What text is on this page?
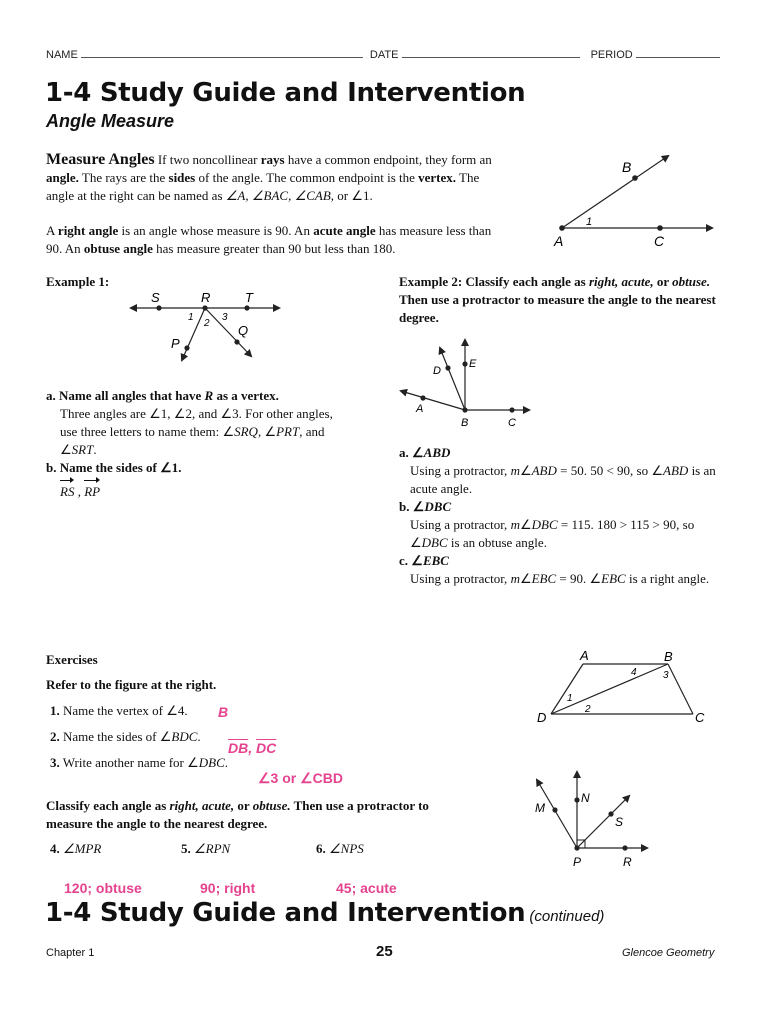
NAME	DATE	PERIOD
1-4 Study Guide and Intervention
Angle Measure
Measure Angles If two noncollinear rays have a common endpoint, they form an angle. The rays are the sides of the angle. The common endpoint is the vertex. The angle at the right can be named as ∠A, ∠BAC, ∠CAB, or ∠1.
A right angle is an angle whose measure is 90. An acute angle has measure less than 90. An obtuse angle has measure greater than 90 but less than 180.
B
A	C
1
Example 1:
S	R	T
Q
P
1
2
3
a. Name all angles that have R as a vertex.
Three angles are ∠1, ∠2, and ∠3. For other angles,
use three letters to name them: ∠SRQ, ∠PRT, and
∠SRT.
b. Name the sides of ∠1.
RS , RP
Example 2: Classify each angle as right, acute, or obtuse. Then use a protractor to measure the angle to the nearest degree.
D
E
A
B	C
a. ∠ABD
Using a protractor, m∠ABD = 50. 50 < 90, so ∠ABD is an acute angle.
b. ∠DBC
Using a protractor, m∠DBC = 115. 180 > 115 > 90, so
∠DBC is an obtuse angle.
c. ∠EBC
Using a protractor, m∠EBC = 90. ∠EBC is a right angle.
Exercises
Refer to the figure at the right.
1. Name the vertex of ∠4.
2. Name the sides of ∠BDC.
3. Write another name for ∠DBC.
B
$\overline{DB}$, $\overline{DC}$
∠3 or ∠CBD
A	B
D	C
1
2
3
4
Classify each angle as right, acute, or obtuse. Then use a protractor to measure the angle to the nearest degree.
4. ∠MPR	5. ∠RPN	6. ∠NPS
120; obtuse	90; right	45; acute
N
M
S
P	R
1-4 Study Guide and Intervention (continued)
Chapter 1	25	Glencoe Geometry
